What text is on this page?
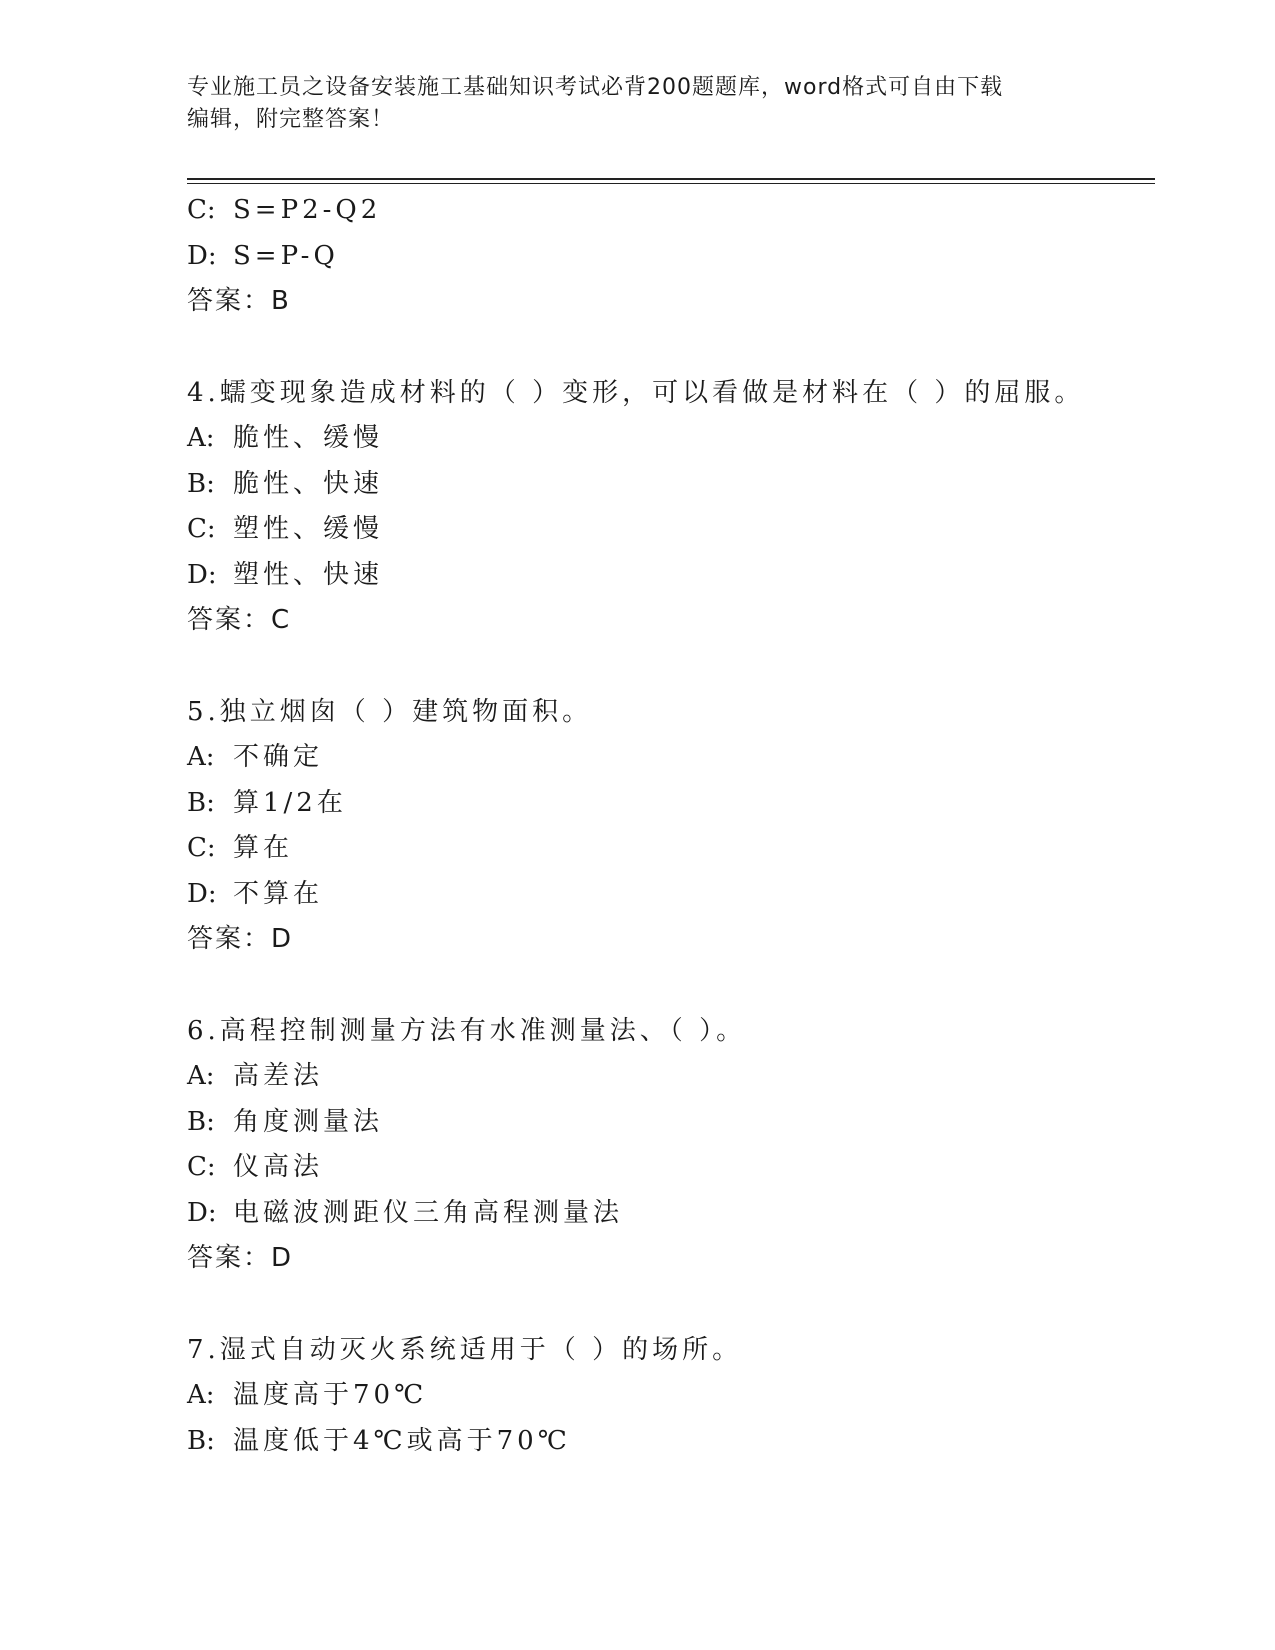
专业施工员之设备安装施工基础知识考试必背200题题库，word格式可自由下载
编辑，附完整答案！
C: S=P2-Q2
D: S=P-Q
答案：B
4.蠕变现象造成材料的（ ）变形，可以看做是材料在（ ）的屈服。
A: 脆性、缓慢
B: 脆性、快速
C: 塑性、缓慢
D: 塑性、快速
答案：C
5.独立烟囱（ ）建筑物面积。
A: 不确定
B: 算1/2在
C: 算在
D: 不算在
答案：D
6.高程控制测量方法有水准测量法、（ ）。
A: 高差法
B: 角度测量法
C: 仪高法
D: 电磁波测距仪三角高程测量法
答案：D
7.湿式自动灭火系统适用于（ ）的场所。
A: 温度高于70℃
B: 温度低于4℃或高于70℃
